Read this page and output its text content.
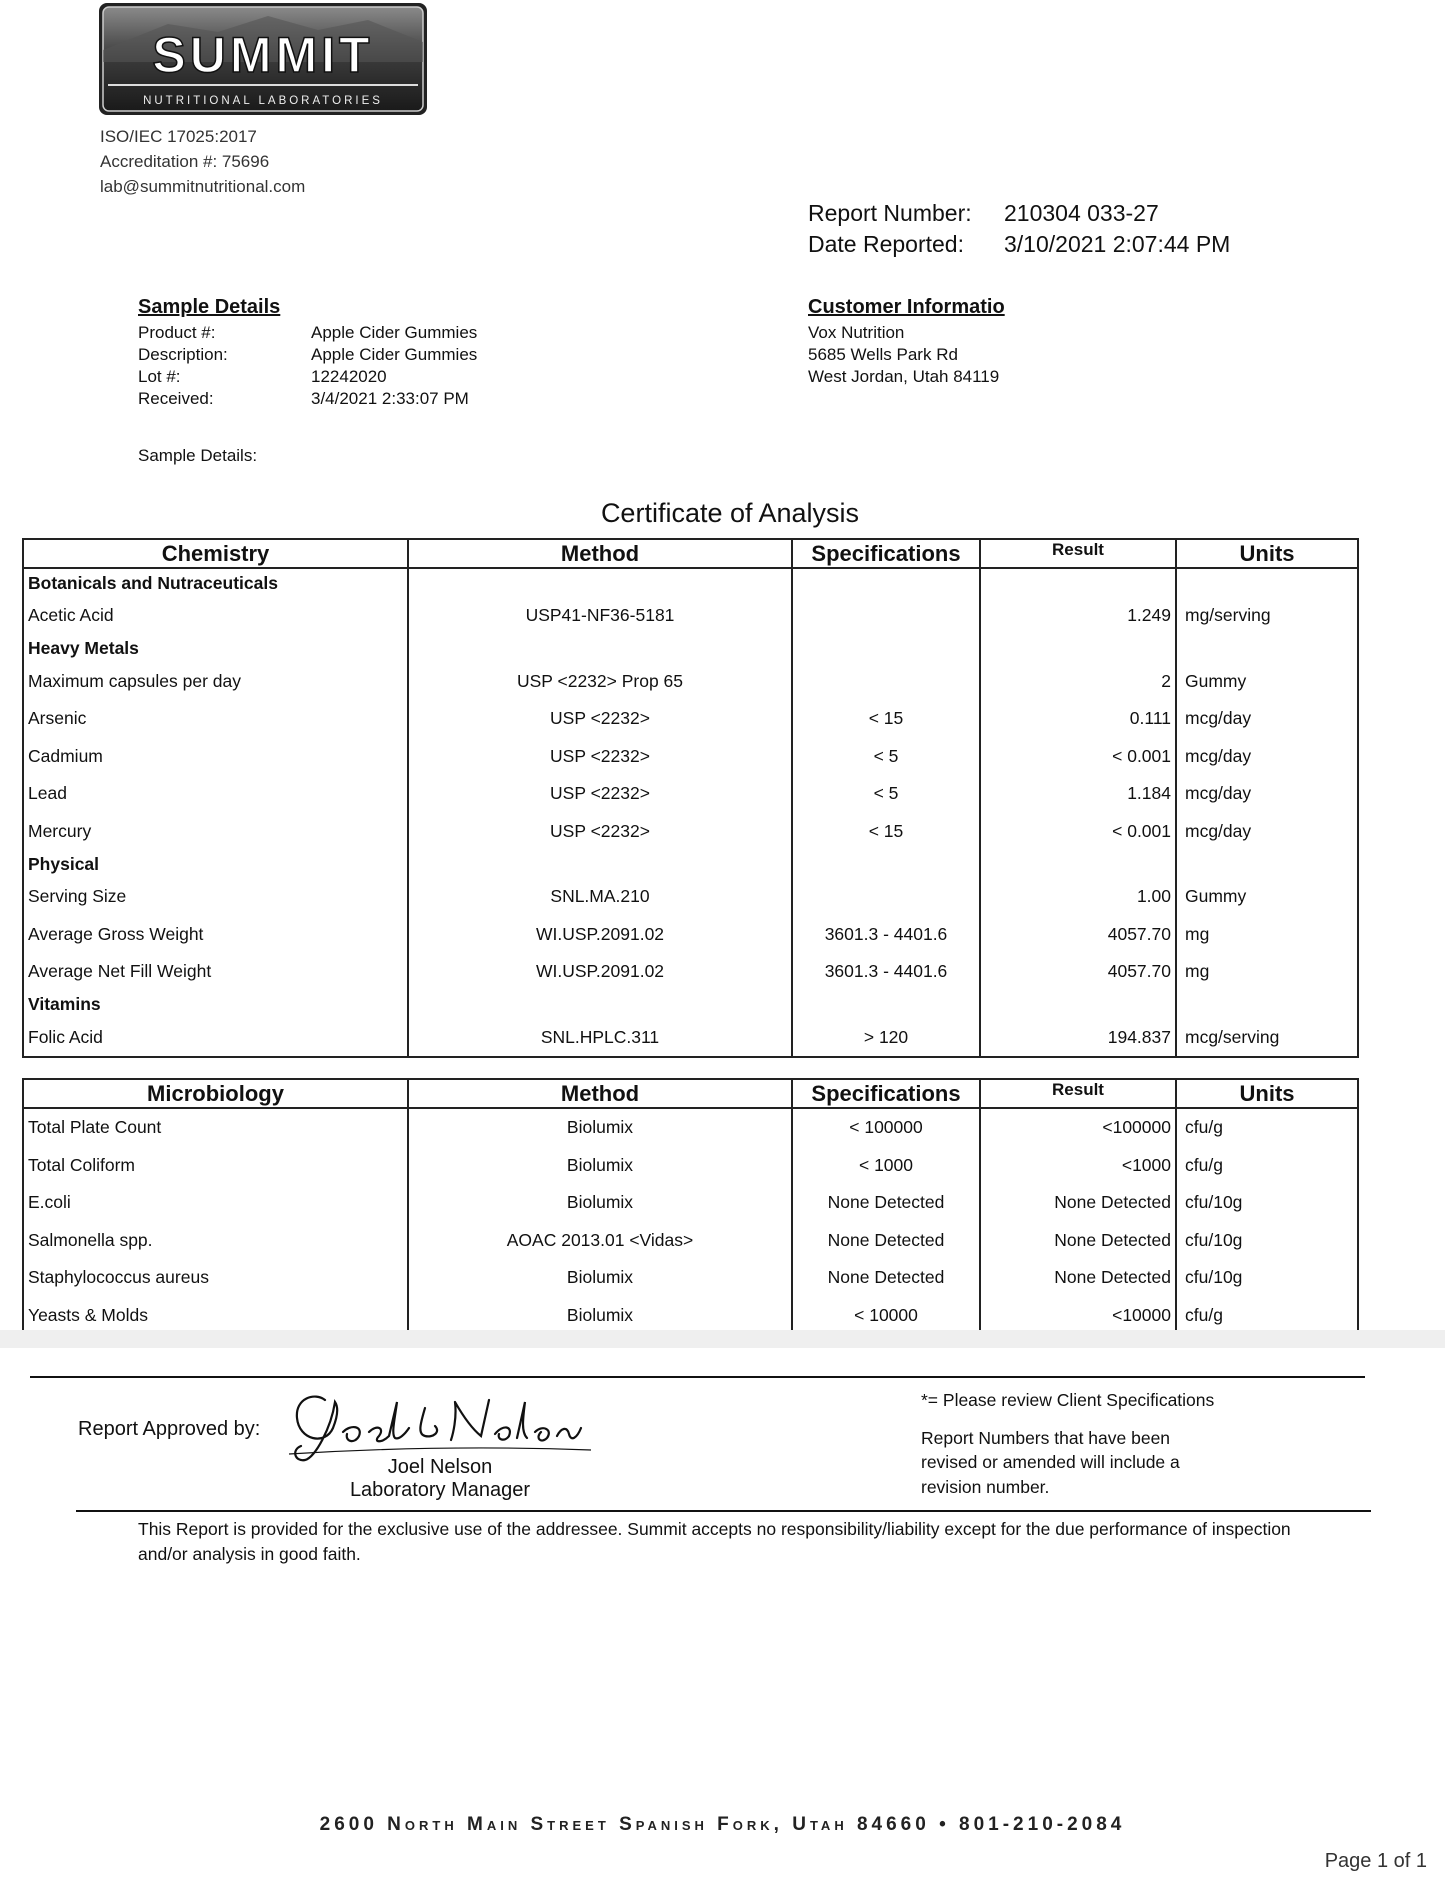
SUMMIT
NUTRITIONAL LABORATORIES
ISO/IEC 17025:2017
Accreditation #: 75696
lab@summitnutritional.com
Report Number: 210304 033-27
Date Reported: 3/10/2021 2:07:44 PM
Sample Details
Product #:	Apple Cider Gummies
Description:	Apple Cider Gummies
Lot #:	12242020
Received:	3/4/2021 2:33:07 PM
Customer Informatio
Vox Nutrition
5685 Wells Park Rd
West Jordan, Utah 84119
Sample Details:
Certificate of Analysis
Chemistry	Method	Specifications	Result	Units
Botanicals and Nutraceuticals				
Acetic Acid	USP41-NF36-5181		1.249	mg/serving
Heavy Metals				
Maximum capsules per day	USP <2232> Prop 65		2	Gummy
Arsenic	USP <2232>	< 15	0.111	mcg/day
Cadmium	USP <2232>	< 5	< 0.001	mcg/day
Lead	USP <2232>	< 5	1.184	mcg/day
Mercury	USP <2232>	< 15	< 0.001	mcg/day
Physical				
Serving Size	SNL.MA.210		1.00	Gummy
Average Gross Weight	WI.USP.2091.02	3601.3 - 4401.6	4057.70	mg
Average Net Fill Weight	WI.USP.2091.02	3601.3 - 4401.6	4057.70	mg
Vitamins				
Folic Acid	SNL.HPLC.311	> 120	194.837	mcg/serving
Microbiology	Method	Specifications	Result	Units
Total Plate Count	Biolumix	< 100000	<100000	cfu/g
Total Coliform	Biolumix	< 1000	<1000	cfu/g
E.coli	Biolumix	None Detected	None Detected	cfu/10g
Salmonella spp.	AOAC 2013.01 <Vidas>	None Detected	None Detected	cfu/10g
Staphylococcus aureus	Biolumix	None Detected	None Detected	cfu/10g
Yeasts & Molds	Biolumix	< 10000	<10000	cfu/g
Report Approved by:
Joel Nelson
Laboratory Manager
*= Please review Client Specifications
Report Numbers that have been
revised or amended will include a
revision number.
This Report is provided for the exclusive use of the addressee. Summit accepts no responsibility/liability except for the due performance of inspection and/or analysis in good faith.
2600 North Main Street Spanish Fork, Utah 84660 • 801-210-2084
Page 1 of 1
